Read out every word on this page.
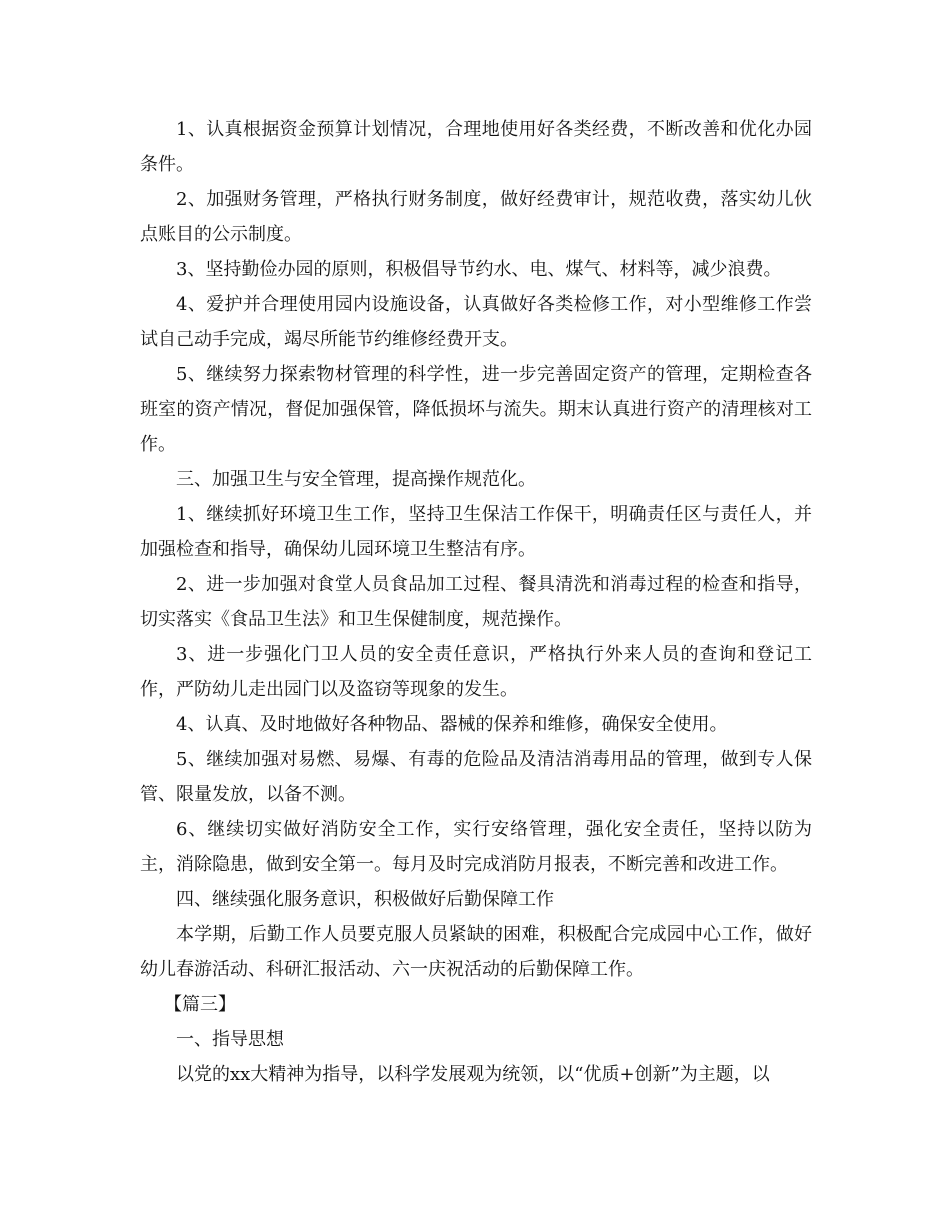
1、认真根据资金预算计划情况，合理地使用好各类经费，不断改善和优化办园条件。

2、加强财务管理，严格执行财务制度，做好经费审计，规范收费，落实幼儿伙点账目的公示制度。

3、坚持勤俭办园的原则，积极倡导节约水、电、煤气、材料等，减少浪费。

4、爱护并合理使用园内设施设备，认真做好各类检修工作，对小型维修工作尝试自己动手完成，竭尽所能节约维修经费开支。

5、继续努力探索物材管理的科学性，进一步完善固定资产的管理，定期检查各班室的资产情况，督促加强保管，降低损坏与流失。期末认真进行资产的清理核对工作。

三、加强卫生与安全管理，提高操作规范化。

1、继续抓好环境卫生工作，坚持卫生保洁工作保干，明确责任区与责任人，并加强检查和指导，确保幼儿园环境卫生整洁有序。

2、进一步加强对食堂人员食品加工过程、餐具清洗和消毒过程的检查和指导，切实落实《食品卫生法》和卫生保健制度，规范操作。

3、进一步强化门卫人员的安全责任意识，严格执行外来人员的查询和登记工作，严防幼儿走出园门以及盗窃等现象的发生。

4、认真、及时地做好各种物品、器械的保养和维修，确保安全使用。

5、继续加强对易燃、易爆、有毒的危险品及清洁消毒用品的管理，做到专人保管、限量发放，以备不测。

6、继续切实做好消防安全工作，实行安络管理，强化安全责任，坚持以防为主，消除隐患，做到安全第一。每月及时完成消防月报表，不断完善和改进工作。

四、继续强化服务意识，积极做好后勤保障工作

本学期，后勤工作人员要克服人员紧缺的困难，积极配合完成园中心工作，做好幼儿春游活动、科研汇报活动、六一庆祝活动的后勤保障工作。

【篇三】

一、指导思想

以党的xx大精神为指导，以科学发展观为统领，以“优质+创新”为主题，以
